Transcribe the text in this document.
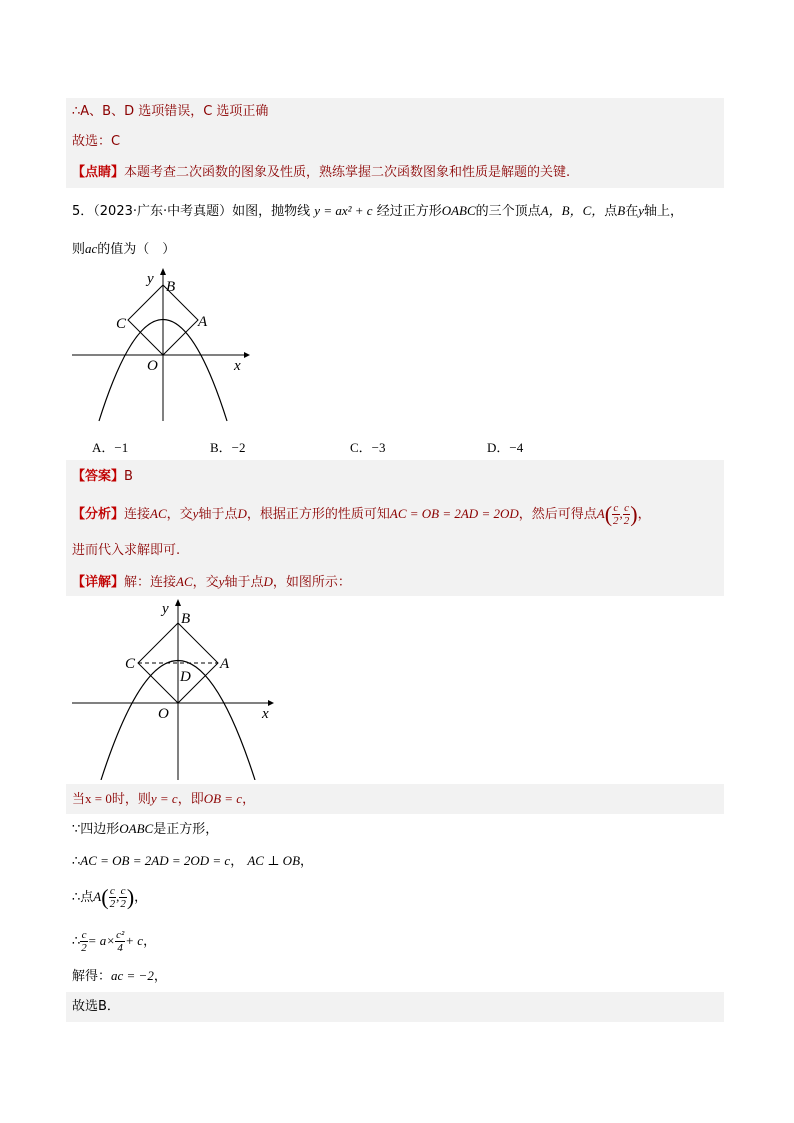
∴A、B、D 选项错误，C 选项正确
故选：C
【点睛】本题考查二次函数的图象及性质，熟练掌握二次函数图象和性质是解题的关键.
5．（2023·广东·中考真题）如图，抛物线 y = ax² + c 经过正方形OABC的三个顶点A，B，C，点B在y轴上，
则ac的值为（　）
y B
C	A
O	x
A．−1	B．−2	C．−3	D．−4
【答案】B
【分析】连接AC，交y轴于点D，根据正方形的性质可知AC = OB = 2AD = 2OD，然后可得点$A( \frac{c}{2}$ , $\frac{c}{2}$ )，
进而代入求解即可.
【详解】解：连接AC，交y轴于点D，如图所示：
y
B
C	A
D
O	x
当x = 0时，则y = c，即OB = c，
∵四边形OABC是正方形，
∴AC = OB = 2AD = 2OD = c， AC ⊥ OB，
∴点$A( \frac{c}{2}$ , $\frac{c}{2}$ )，
∴ $\frac{c}{2} = a\times \frac{\text{c²}}{4} + c$，
解得：ac = −2，
故选B．
